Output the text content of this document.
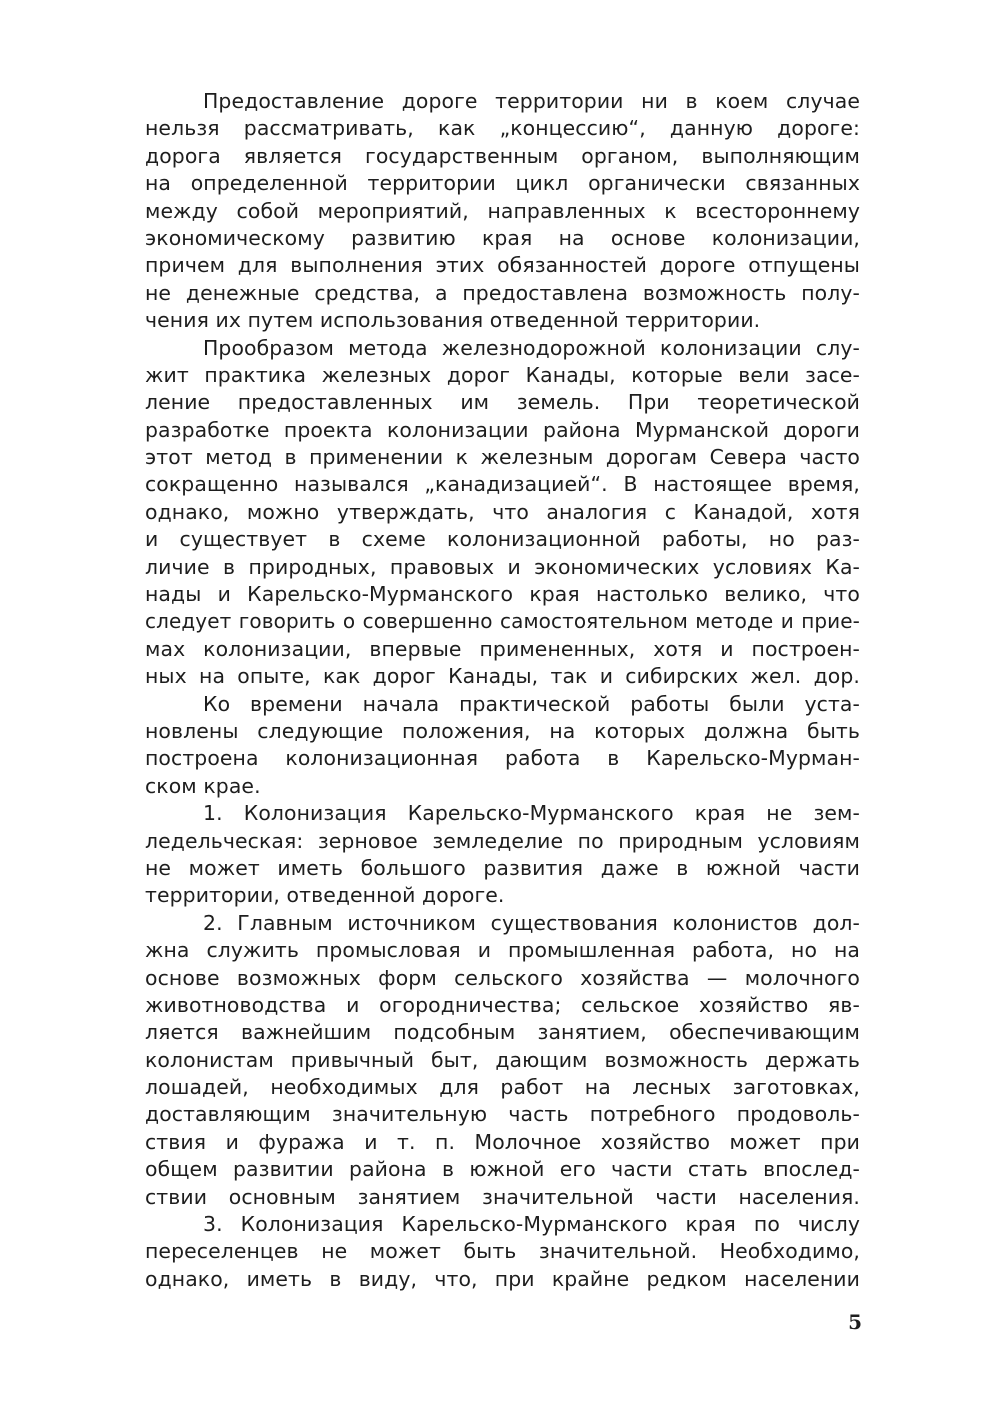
Предоставление дороге территории ни в коем случае
нельзя рассматривать, как „концессию“, данную дороге:
дорога является государственным органом, выполняющим
на определенной территории цикл органически связанных
между собой мероприятий, направленных к всестороннему
экономическому развитию края на основе колонизации,
причем для выполнения этих обязанностей дороге отпущены
не денежные средства, а предоставлена возможность полу-
чения их путем использования отведенной территории.
Прообразом метода железнодорожной колонизации слу-
жит практика железных дорог Канады, которые вели засе-
ление предоставленных им земель. При теоретической
разработке проекта колонизации района Мурманской дороги
этот метод в применении к железным дорогам Севера часто
сокращенно назывался „канадизацией“. В настоящее время,
однако, можно утверждать, что аналогия с Канадой, хотя
и существует в схеме колонизационной работы, но раз-
личие в природных, правовых и экономических условиях Ка-
нады и Карельско-Мурманского края настолько велико, что
следует говорить о совершенно самостоятельном методе и прие-
мах колонизации, впервые примененных, хотя и построен-
ных на опыте, как дорог Канады, так и сибирских жел. дор.
Ко времени начала практической работы были уста-
новлены следующие положения, на которых должна быть
построена колонизационная работа в Карельско-Мурман-
ском крае.
1. Колонизация Карельско-Мурманского края не зем-
ледельческая: зерновое земледелие по природным условиям
не может иметь большого развития даже в южной части
территории, отведенной дороге.
2. Главным источником существования колонистов дол-
жна служить промысловая и промышленная работа, но на
основе возможных форм сельского хозяйства — молочного
животноводства и огородничества; сельское хозяйство яв-
ляется важнейшим подсобным занятием, обеспечивающим
колонистам привычный быт, дающим возможность держать
лошадей, необходимых для работ на лесных заготовках,
доставляющим значительную часть потребного продоволь-
ствия и фуража и т. п. Молочное хозяйство может при
общем развитии района в южной его части стать впослед-
ствии основным занятием значительной части населения.
3. Колонизация Карельско-Мурманского края по числу
переселенцев не может быть значительной. Необходимо,
однако, иметь в виду, что, при крайне редком населении
5
